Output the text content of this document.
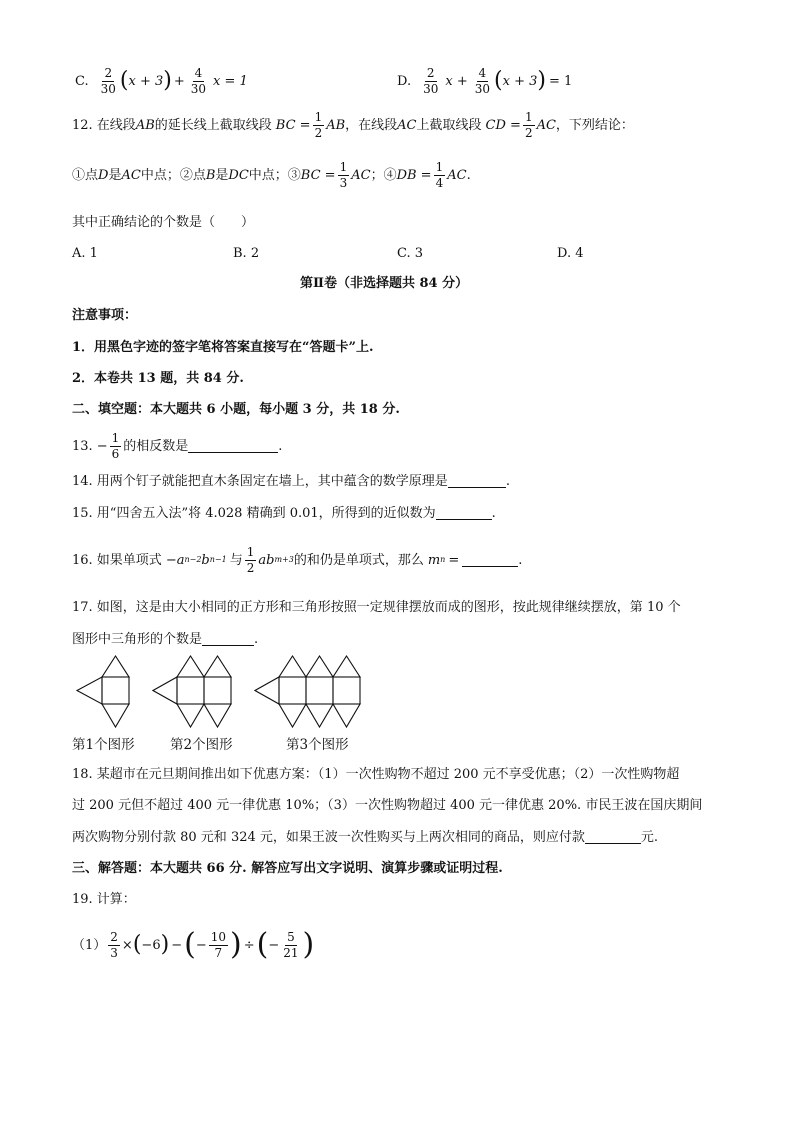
C. $\frac{2}{30}$ ( x + 3 ) + $\frac{4}{30}$ x = 1	D. $\frac{2}{30}$ $x + \frac{4}{30}$ ( x + 3 ) = 1
12. 在线段 AB 的延长线上截取线段 BC = $\frac{1}{2}$ AB ，在线段 AC 上截取线段 CD = $\frac{1}{2}$ AC ，下列结论：
①点 D 是 AC 中点；②点 B 是 DC 中点；③ BC = $\frac{1}{3}$ AC ；④ DB = $\frac{1}{4}$ AC .
其中正确结论的个数是（　　）
A. 1	B. 2	C. 3	D. 4
第Ⅱ卷（非选择题共 84 分）
注意事项：
1．用黑色字迹的签字笔将答案直接写在“答题卡”上.
2．本卷共 13 题，共 84 分.
二、填空题：本大题共 6 小题，每小题 3 分，共 18 分.
13. − $\frac{1}{6}$ 的相反数是	.
14. 用两个钉子就能把直木条固定在墙上，其中蕴含的数学原理是	.
15. 用“四舍五入法”将 4.028 精确到 0.01，所得到的近似数为	.
16. 如果单项式 −a n−2 b n−1 与 $\frac{1}{2}$ ab m+3 的和仍是单项式，那么 m n =	.
17. 如图，这是由大小相同的正方形和三角形按照一定规律摆放而成的图形，按此规律继续摆放，第 10 个
图形中三角形的个数是	.
第1个图形	第2个图形	第3个图形
18. 某超市在元旦期间推出如下优惠方案：（1）一次性购物不超过 200 元不享受优惠；（2）一次性购物超
过 200 元但不超过 400 元一律优惠 10%；（3）一次性购物超过 400 元一律优惠 20%. 市民王波在国庆期间
两次购物分别付款 80 元和 324 元，如果王波一次性购买与上两次相同的商品，则应付款	元.
三、解答题：本大题共 66 分. 解答应写出文字说明、演算步骤或证明过程.
19. 计算：
$(1) \frac{2}{3}$ × ( −6 ) − ( − $\frac{10}{7}$ ) ÷ ( − $\frac{5}{21}$ )
